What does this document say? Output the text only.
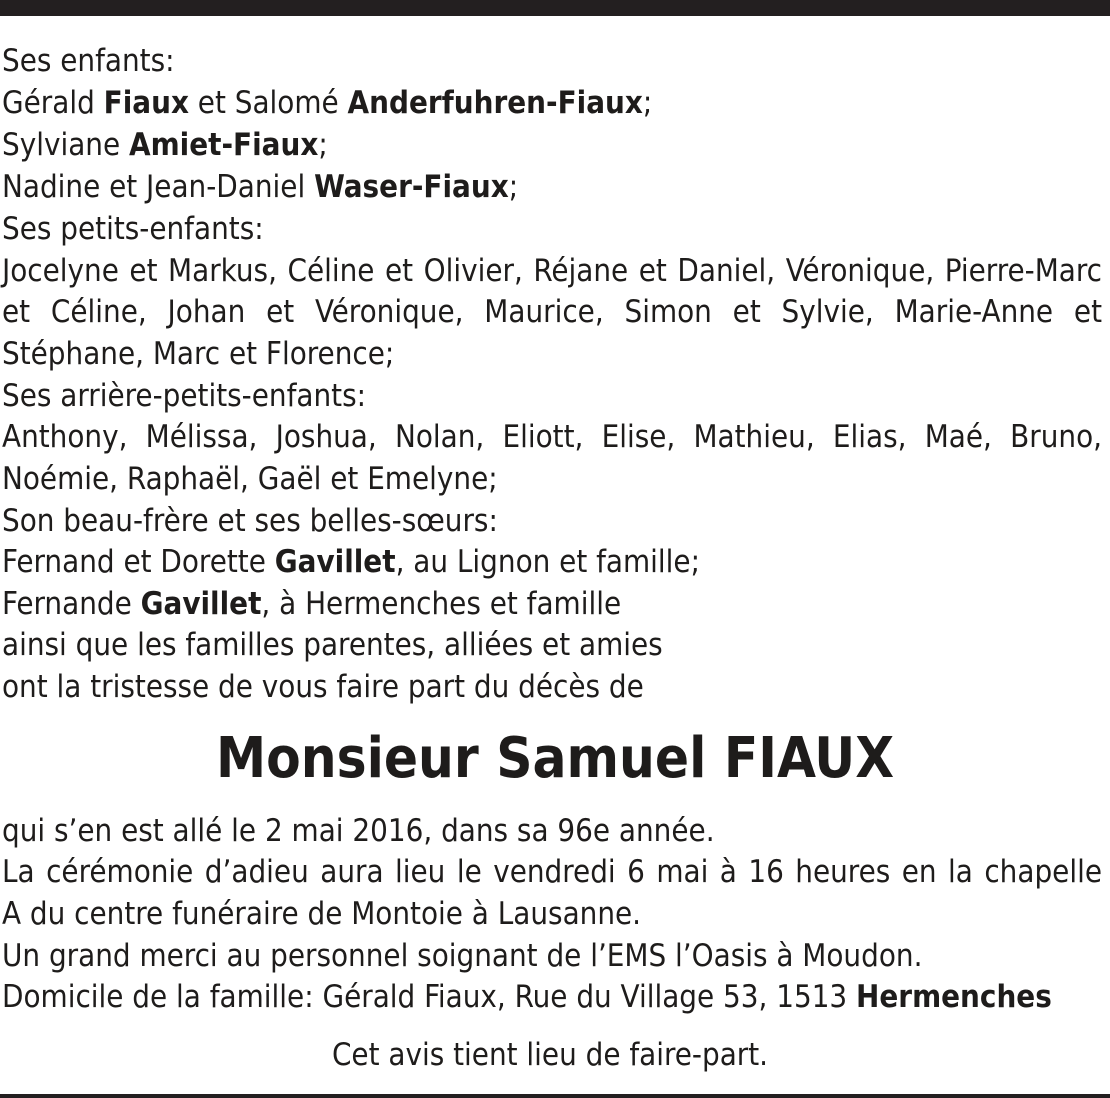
Ses enfants:
Gérald Fiaux et Salomé Anderfuhren-Fiaux;
Sylviane Amiet-Fiaux;
Nadine et Jean-Daniel Waser-Fiaux;
Ses petits-enfants:
Jocelyne et Markus, Céline et Olivier, Réjane et Daniel, Véronique, Pierre-Marc
et Céline, Johan et Véronique, Maurice, Simon et Sylvie, Marie-Anne et
Stéphane, Marc et Florence;
Ses arrière-petits-enfants:
Anthony, Mélissa, Joshua, Nolan, Eliott, Elise, Mathieu, Elias, Maé, Bruno,
Noémie, Raphaël, Gaël et Emelyne;
Son beau-frère et ses belles-sœurs:
Fernand et Dorette Gavillet, au Lignon et famille;
Fernande Gavillet, à Hermenches et famille
ainsi que les familles parentes, alliées et amies
ont la tristesse de vous faire part du décès de
Monsieur Samuel FIAUX
qui s’en est allé le 2 mai 2016, dans sa 96e année.
La cérémonie d’adieu aura lieu le vendredi 6 mai à 16 heures en la chapelle
A du centre funéraire de Montoie à Lausanne.
Un grand merci au personnel soignant de l’EMS l’Oasis à Moudon.
Domicile de la famille: Gérald Fiaux, Rue du Village 53, 1513 Hermenches
Cet avis tient lieu de faire-part.
